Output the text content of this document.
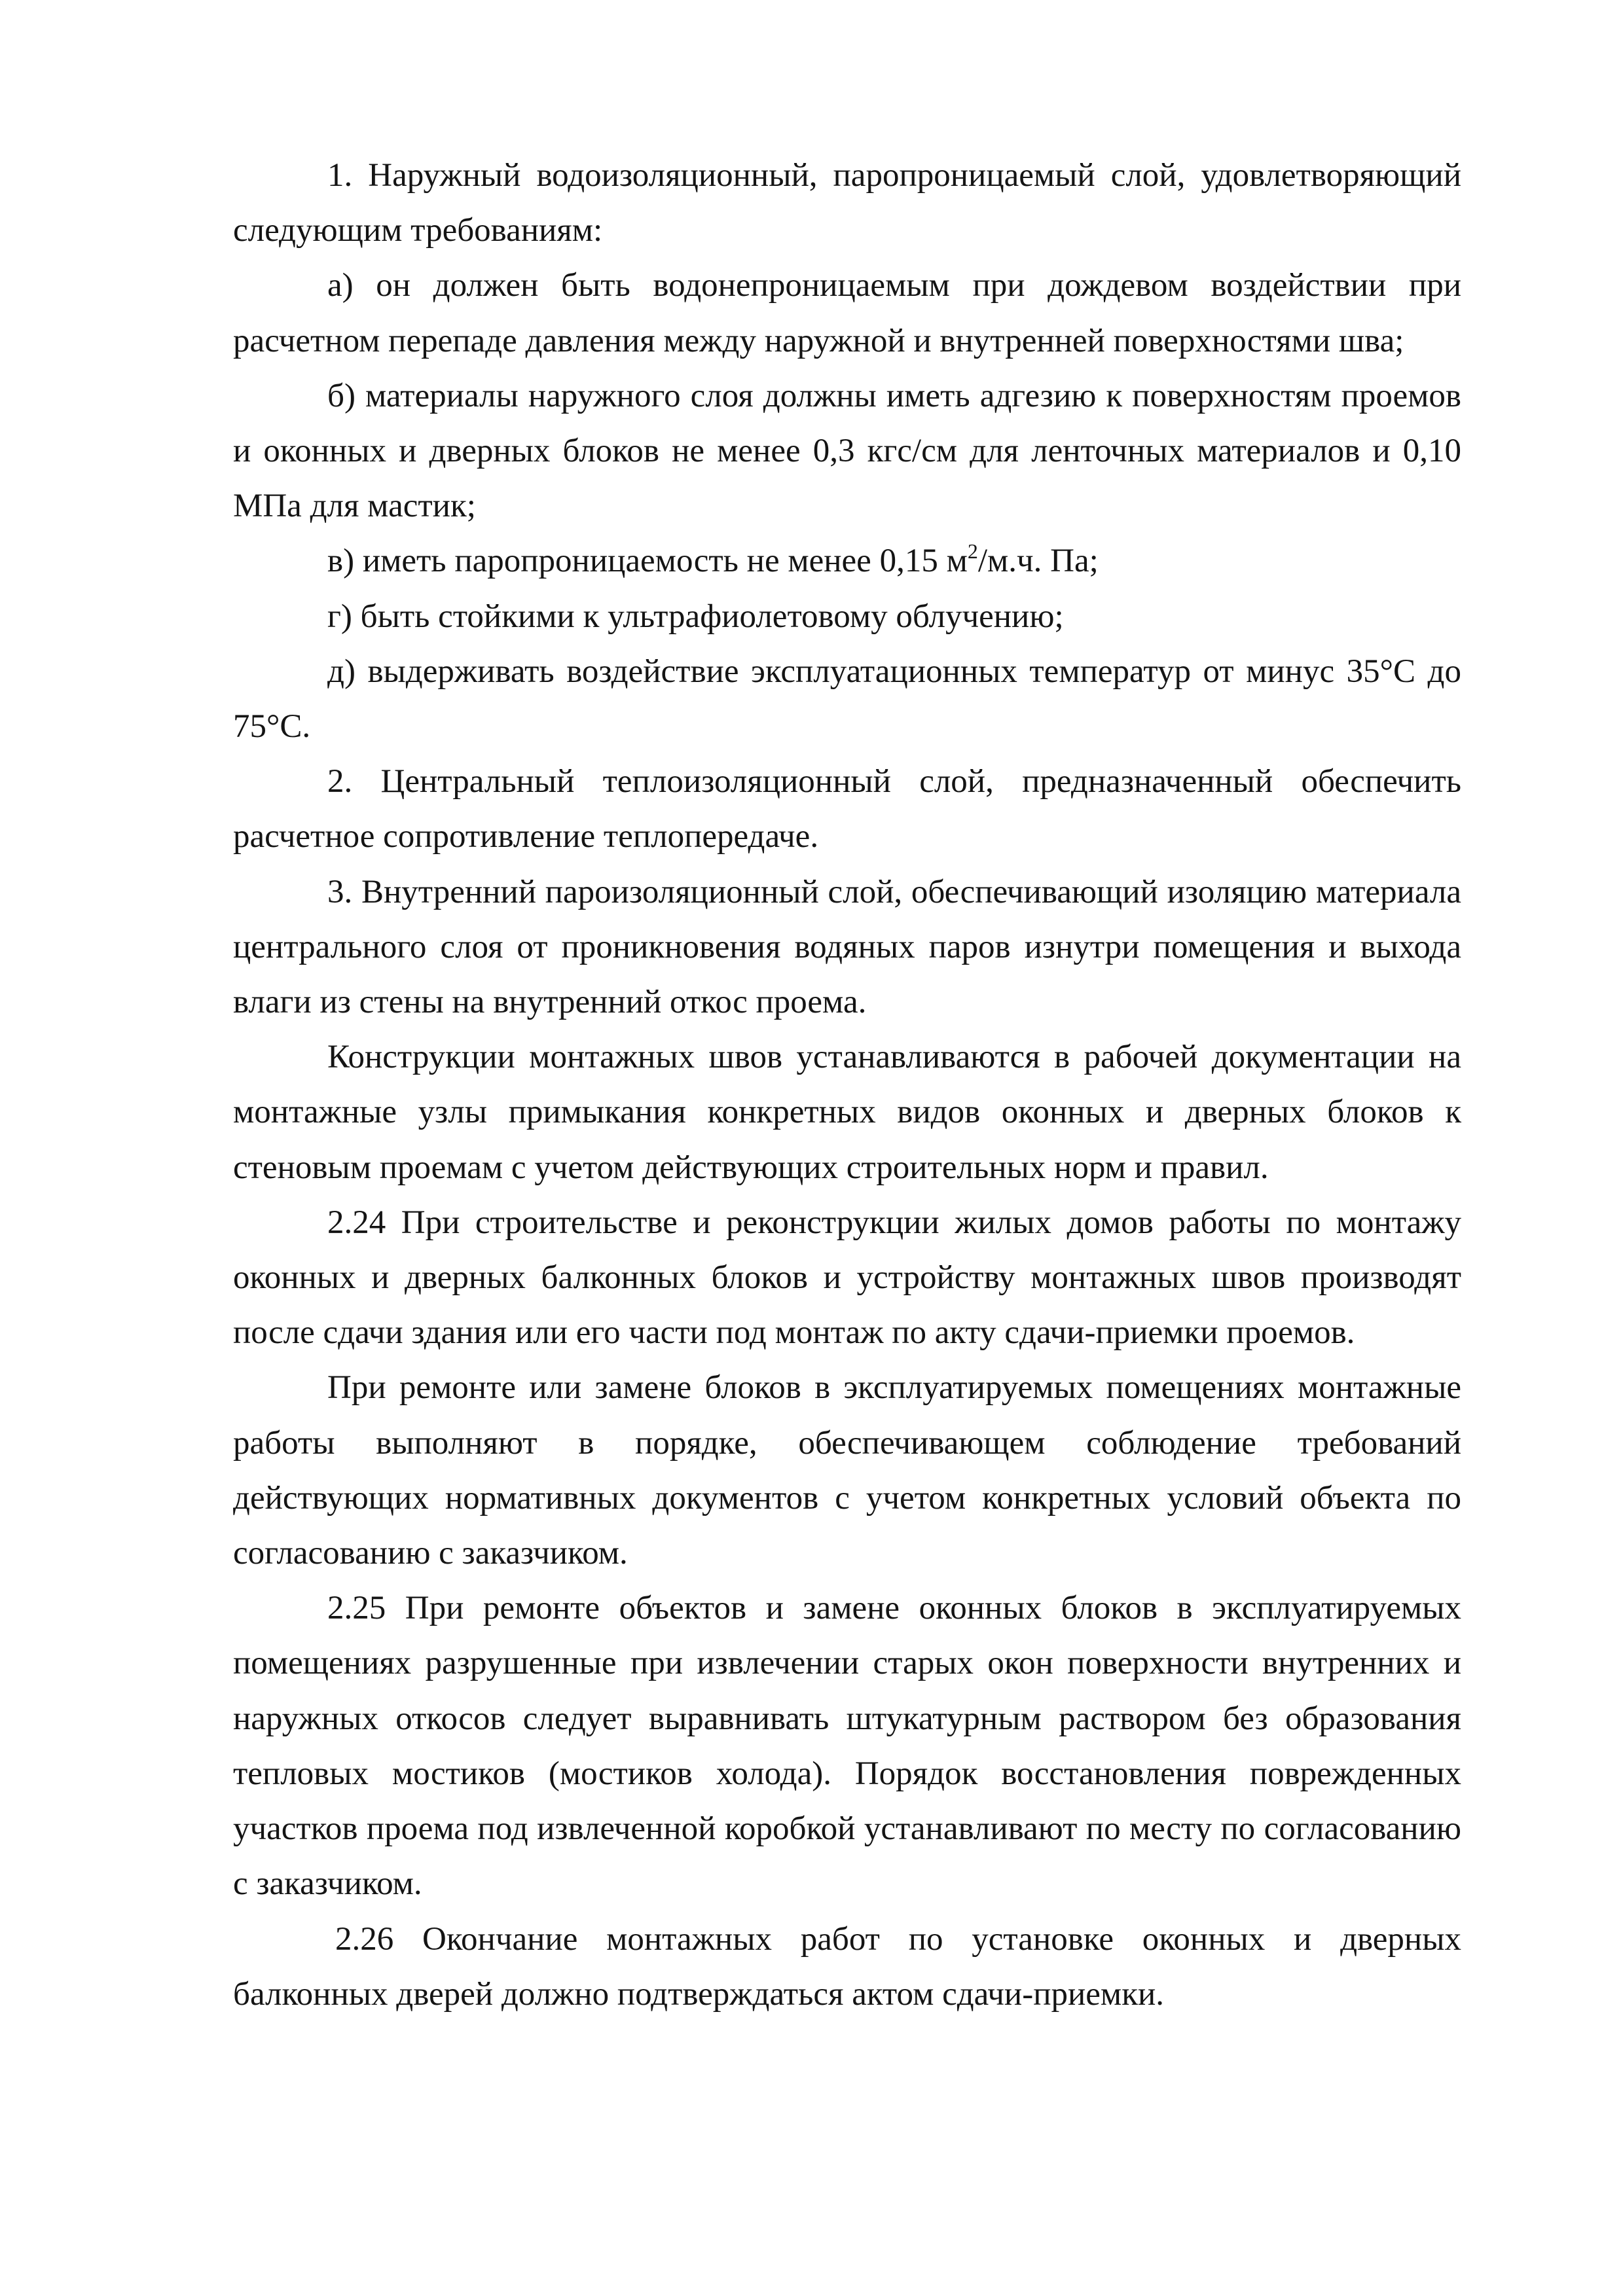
1. Наружный водоизоляционный, паропроницаемый слой, удовлетворяющий следующим требованиям:

а) он должен быть водонепроницаемым при дождевом воздействии при расчетном перепаде давления между наружной и внутренней поверхностями шва;

б) материалы наружного слоя должны иметь адгезию к поверхностям проемов и оконных и дверных блоков не менее 0,3 кгс/см для ленточных материалов и 0,10 МПа для мастик;

в) иметь паропроницаемость не менее 0,15 $м^2/м.ч$. Па;

г) быть стойкими к ультрафиолетовому облучению;

д) выдерживать воздействие эксплуатационных температур от минус 35°С до 75°С.

2. Центральный теплоизоляционный слой, предназначенный обеспечить расчетное сопротивление теплопередаче.

3. Внутренний пароизоляционный слой, обеспечивающий изоляцию материала центрального слоя от проникновения водяных паров изнутри помещения и выхода влаги из стены на внутренний откос проема.

Конструкции монтажных швов устанавливаются в рабочей документации на монтажные узлы примыкания конкретных видов оконных и дверных блоков к стеновым проемам с учетом действующих строительных норм и правил.

2.24 При строительстве и реконструкции жилых домов работы по монтажу оконных и дверных балконных блоков и устройству монтажных швов производят после сдачи здания или его части под монтаж по акту сдачи-приемки проемов.

При ремонте или замене блоков в эксплуатируемых помещениях монтажные работы выполняют в порядке, обеспечивающем соблюдение требований действующих нормативных документов с учетом конкретных условий объекта по согласованию с заказчиком.

2.25 При ремонте объектов и замене оконных блоков в эксплуатируемых помещениях разрушенные при извлечении старых окон поверхности внутренних и наружных откосов следует выравнивать штукатурным раствором без образования тепловых мостиков (мостиков холода). Порядок восстановления поврежденных участков проема под извлеченной коробкой устанавливают по месту по согласованию с заказчиком.

2.26 Окончание монтажных работ по установке оконных и дверных балконных дверей должно подтверждаться актом сдачи-приемки.
